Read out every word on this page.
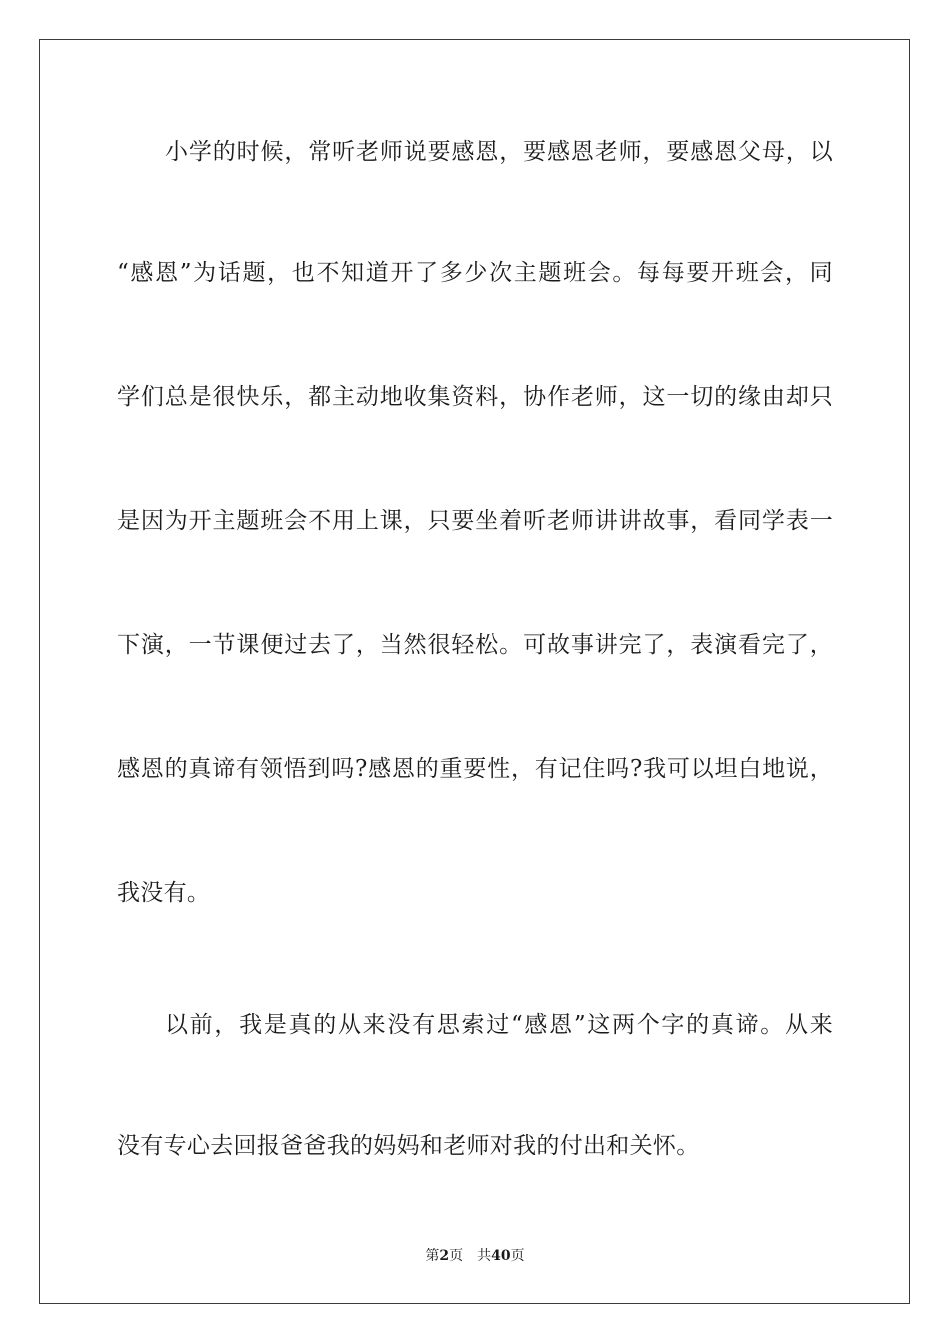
小学的时候，常听老师说要感恩，要感恩老师，要感恩父母，以
“感恩”为话题，也不知道开了多少次主题班会。每每要开班会，同
学们总是很快乐，都主动地收集资料，协作老师，这一切的缘由却只
是因为开主题班会不用上课，只要坐着听老师讲讲故事，看同学表一
下演，一节课便过去了，当然很轻松。可故事讲完了，表演看完了，
感恩的真谛有领悟到吗?感恩的重要性，有记住吗?我可以坦白地说，
我没有。
以前，我是真的从来没有思索过“感恩”这两个字的真谛。从来
没有专心去回报爸爸我的妈妈和老师对我的付出和关怀。
第2页 共40页
